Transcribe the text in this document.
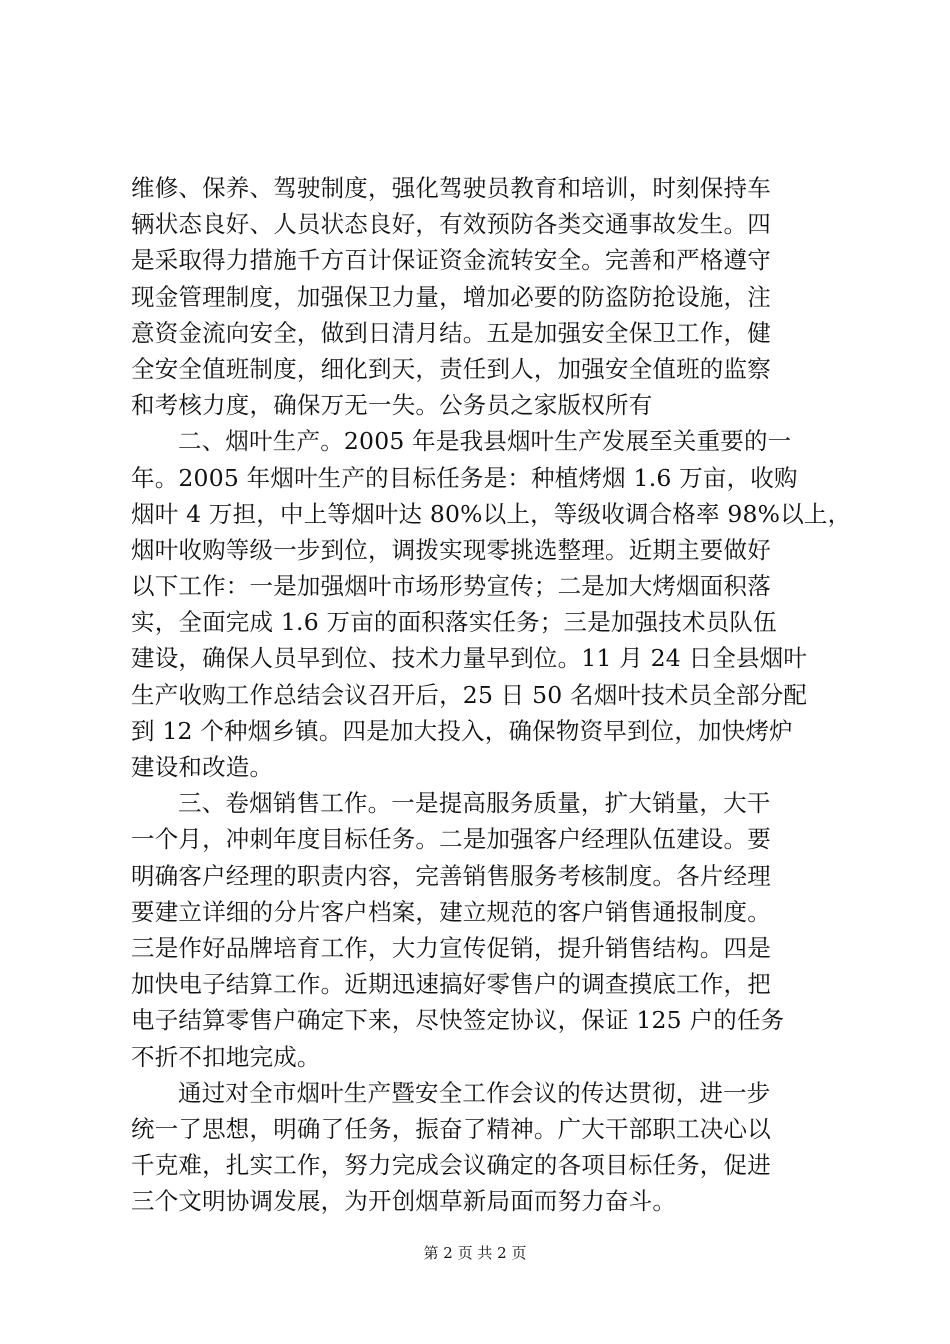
维修、保养、驾驶制度，强化驾驶员教育和培训，时刻保持车
辆状态良好、人员状态良好，有效预防各类交通事故发生。四
是采取得力措施千方百计保证资金流转安全。完善和严格遵守
现金管理制度，加强保卫力量，增加必要的防盗防抢设施，注
意资金流向安全，做到日清月结。五是加强安全保卫工作，健
全安全值班制度，细化到天，责任到人，加强安全值班的监察
和考核力度，确保万无一失。公务员之家版权所有

二、烟叶生产。2005 年是我县烟叶生产发展至关重要的一
年。2005 年烟叶生产的目标任务是：种植烤烟 1.6 万亩，收购
烟叶 4 万担，中上等烟叶达 80%以上，等级收调合格率 98%以上，
烟叶收购等级一步到位，调拨实现零挑选整理。近期主要做好
以下工作：一是加强烟叶市场形势宣传；二是加大烤烟面积落
实，全面完成 1.6 万亩的面积落实任务；三是加强技术员队伍
建设，确保人员早到位、技术力量早到位。11 月 24 日全县烟叶
生产收购工作总结会议召开后，25 日 50 名烟叶技术员全部分配
到 12 个种烟乡镇。四是加大投入，确保物资早到位，加快烤炉
建设和改造。

三、卷烟销售工作。一是提高服务质量，扩大销量，大干
一个月，冲刺年度目标任务。二是加强客户经理队伍建设。要
明确客户经理的职责内容，完善销售服务考核制度。各片经理
要建立详细的分片客户档案，建立规范的客户销售通报制度。
三是作好品牌培育工作，大力宣传促销，提升销售结构。四是
加快电子结算工作。近期迅速搞好零售户的调查摸底工作，把
电子结算零售户确定下来，尽快签定协议，保证 125 户的任务
不折不扣地完成。

通过对全市烟叶生产暨安全工作会议的传达贯彻，进一步
统一了思想，明确了任务，振奋了精神。广大干部职工决心以
千克难，扎实工作，努力完成会议确定的各项目标任务，促进
三个文明协调发展，为开创烟草新局面而努力奋斗。

第 2 页 共 2 页
